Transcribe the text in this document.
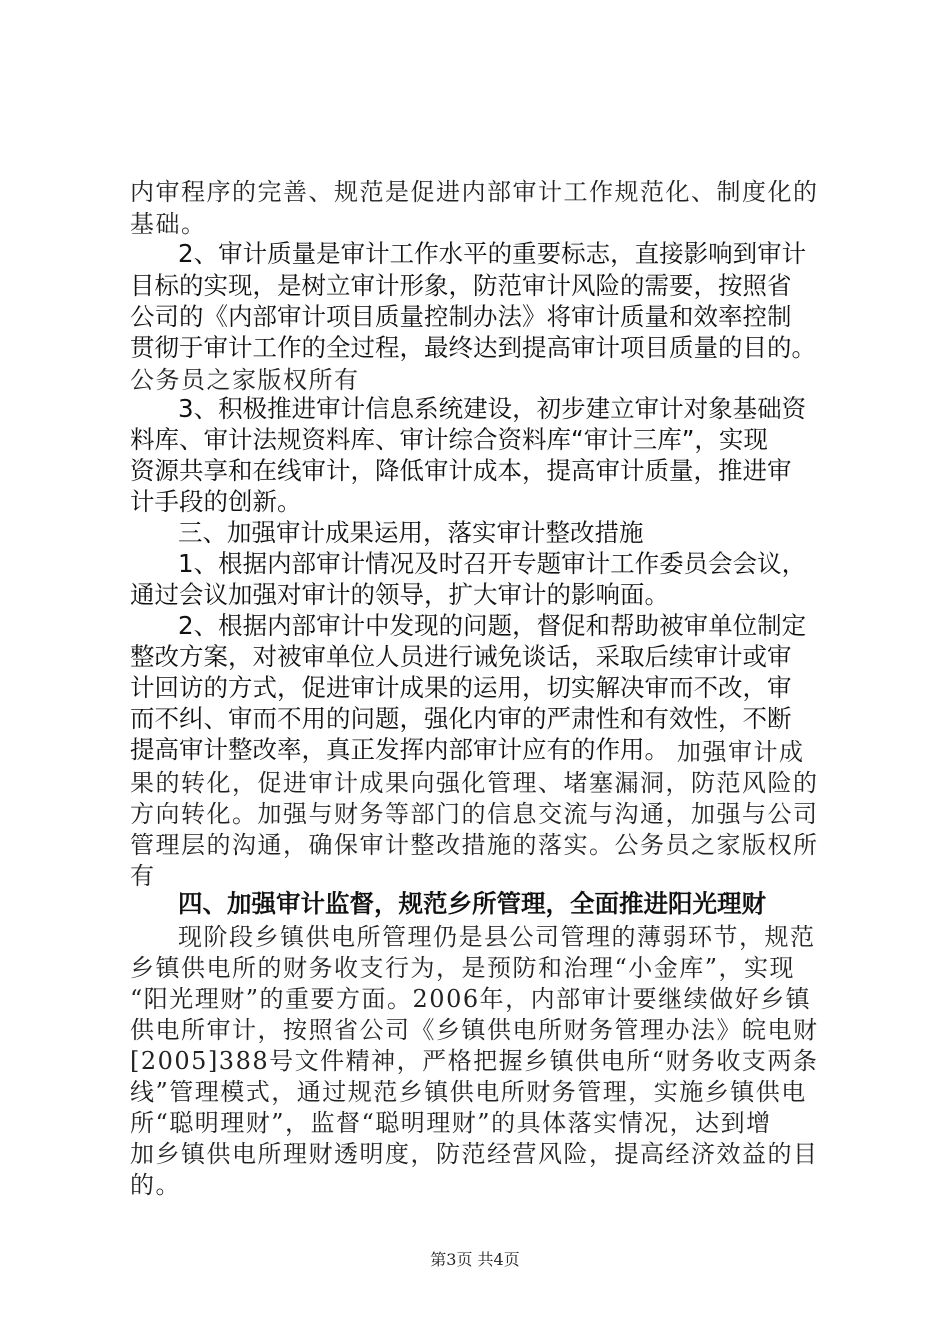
内审程序的完善、规范是促进内部审计工作规范化、制度化的
基础。
2、审计质量是审计工作水平的重要标志，直接影响到审计
目标的实现，是树立审计形象，防范审计风险的需要，按照省
公司的《内部审计项目质量控制办法》将审计质量和效率控制
贯彻于审计工作的全过程，最终达到提高审计项目质量的目的。
公务员之家版权所有
3、积极推进审计信息系统建设，初步建立审计对象基础资
料库、审计法规资料库、审计综合资料库“审计三库”，实现
资源共享和在线审计，降低审计成本，提高审计质量，推进审
计手段的创新。
三、加强审计成果运用，落实审计整改措施
1、根据内部审计情况及时召开专题审计工作委员会会议，
通过会议加强对审计的领导，扩大审计的影响面。
2、根据内部审计中发现的问题，督促和帮助被审单位制定
整改方案，对被审单位人员进行诫免谈话，采取后续审计或审
计回访的方式，促进审计成果的运用，切实解决审而不改，审
而不纠、审而不用的问题，强化内审的严肃性和有效性，不断
提高审计整改率，真正发挥内部审计应有的作用。 加强审计成
果的转化，促进审计成果向强化管理、堵塞漏洞，防范风险的
方向转化。加强与财务等部门的信息交流与沟通，加强与公司
管理层的沟通，确保审计整改措施的落实。公务员之家版权所
有
四、加强审计监督，规范乡所管理，全面推进阳光理财
现阶段乡镇供电所管理仍是县公司管理的薄弱环节，规范
乡镇供电所的财务收支行为，是预防和治理“小金库”，实现
“阳光理财”的重要方面。2006年，内部审计要继续做好乡镇
供电所审计，按照省公司《乡镇供电所财务管理办法》皖电财
[2005]388号文件精神，严格把握乡镇供电所“财务收支两条
线”管理模式，通过规范乡镇供电所财务管理，实施乡镇供电
所“聪明理财”，监督“聪明理财”的具体落实情况，达到增
加乡镇供电所理财透明度，防范经营风险，提高经济效益的目
的。
第3页 共4页
